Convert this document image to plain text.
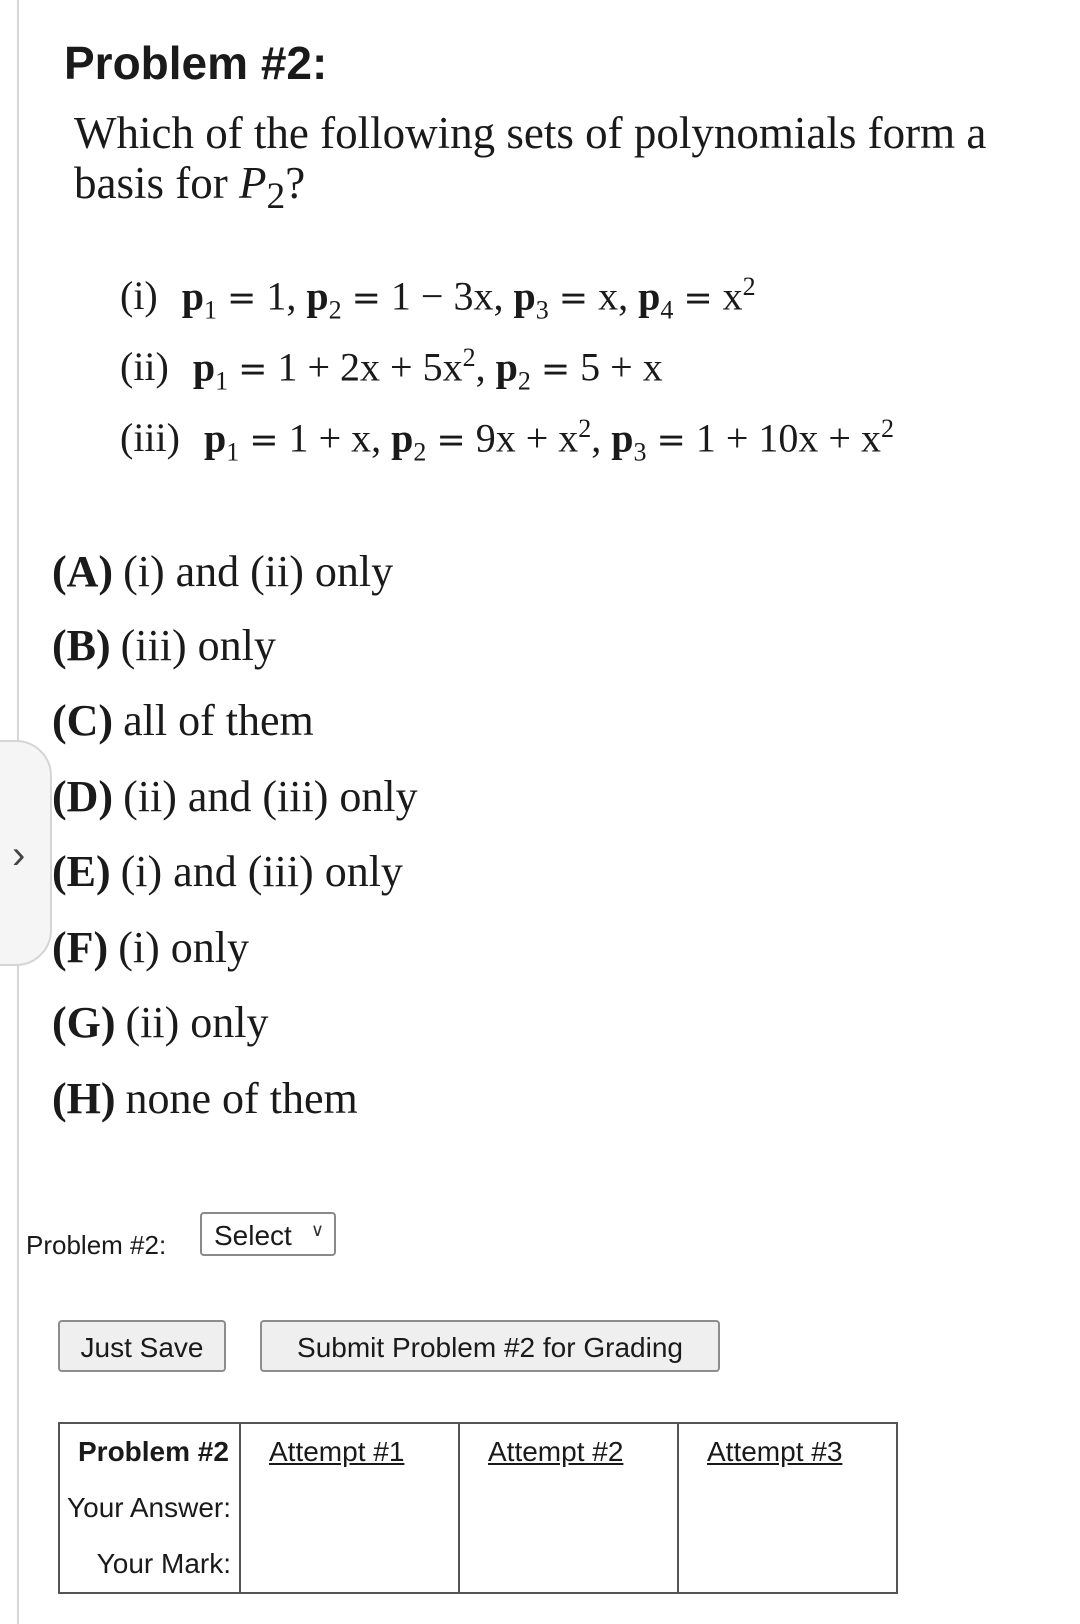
›
Problem #2:
Which of the following sets of polynomials form a basis for $P_2$?
(i) $p_1 = 1$, $p_2 = 1 - 3x$, $p_3 = x$, $p_4 = x^2$
(ii) $p_1 = 1 + 2x + 5x^2$, $p_2 = 5 + x$
(iii) $p_1 = 1 + x$, $p_2 = 9x + x^2$, $p_3 = 1 + 10x + x^2$
(A) (i) and (ii) only
(B) (iii) only
(C) all of them
(D) (ii) and (iii) only
(E) (i) and (iii) only
(F) (i) only
(G) (ii) only
(H) none of them
Problem #2:	Select ∨
Just Save	Submit Problem #2 for Grading
Problem #2	Attempt #1	Attempt #2	Attempt #3
Your Answer:			
Your Mark:			
